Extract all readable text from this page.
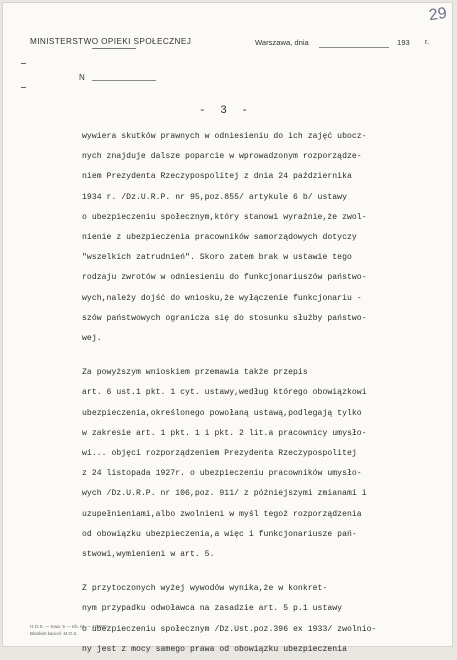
29
MINISTERSTWO OPIEKI SPOŁECZNEJ	Warszawa, dnia	193 r.
N
- 3 -
wywiera skutków prawnych w odniesieniu do ich zajęć ubocz-
nych znajduje dalsze poparcie w wprowadzonym rozporządze-
niem Prezydenta Rzeczypospolitej z dnia 24 października
1934 r. /Dz.U.R.P. nr 95,poz.855/ artykule 6 b/ ustawy
o ubezpieczeniu społecznym,który stanowi wyraźnie,że zwol-
nienie z ubezpieczenia pracowników samorządowych dotyczy
"wszelkich zatrudnień". Skoro zatem brak w ustawie tego
rodzaju zwrotów w odniesieniu do funkcjonariuszów państwo-
wych,należy dojść do wniosku,że wyłączenie funkcjonariu -
szów państwowych ogranicza się do stosunku służby państwo-
wej.
Za powyższym wnioskiem przemawia także przepis
art. 6 ust.1 pkt. 1 cyt. ustawy,według którego obowiązkowi
ubezpieczenia,określonego powołaną ustawą,podlegają tylko
w zakresie art. 1 pkt. 1 i pkt. 2 lit.a pracownicy umysło-
wi... objęci rozporządzeniem Prezydenta Rzeczypospolitej
z 24 listopada 1927r. o ubezpieczeniu pracowników umysło-
wych /Dz.U.R.P. nr 106,poz. 911/ z późniejszymi zmianami i
uzupełnieniami,albo zwolnieni w myśl tegoż rozporządzenia
od obowiązku ubezpieczenia,a więc i funkcjonariusze pań-
stwowi,wymienieni w art. 5.
Z przytoczonych wyżej wywodów wynika,że w konkret-
nym przypadku odwoławca na zasadzie art. 5 p.1 ustawy
o ubezpieczeniu społecznym /Dz.Ust.poz.396 ex 1933/ zwolnio-
ny jest z mocy samego prawa od obowiązku ubezpieczenia
H.O.S. — Kwa. 5 — Kb. M. — 10.000
Blankiet kancel. M.O.S.
